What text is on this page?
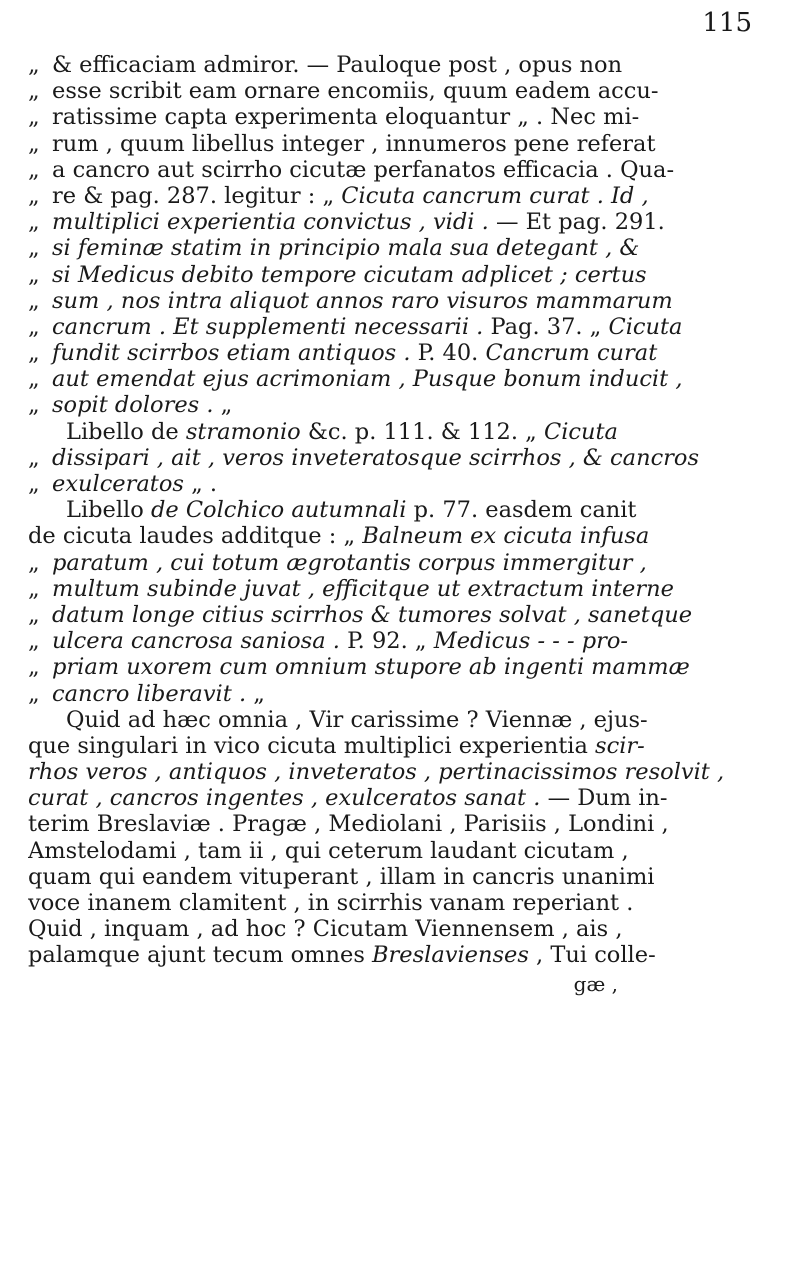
115
„ & efficaciam admiror. — Pauloque post , opus non
„ esse scribit eam ornare encomiis, quum eadem accu-
„ ratissime capta experimenta eloquantur „ . Nec mi-
„ rum , quum libellus integer , innumeros pene referat
„ a cancro aut scirrho cicutæ perfanatos efficacia . Qua-
„ re & pag. 287. legitur : „ Cicuta cancrum curat . Id ,
„ multiplici experientia convictus , vidi . — Et pag. 291.
„ si feminæ statim in principio mala sua detegant , &
„ si Medicus debito tempore cicutam adplicet ; certus
„ sum , nos intra aliquot annos raro visuros mammarum
„ cancrum . Et supplementi necessarii . Pag. 37. „ Cicuta
„ fundit scirrbos etiam antiquos . P. 40. Cancrum curat
„ aut emendat ejus acrimoniam , Pusque bonum inducit ,
„ sopit dolores . „
Libello de stramonio &c. p. 111. & 112. „ Cicuta
„ dissipari , ait , veros inveteratosque scirrhos , & cancros
„ exulceratos „ .
Libello de Colchico autumnali p. 77. easdem canit
de cicuta laudes additque : „ Balneum ex cicuta infusa
„ paratum , cui totum ægrotantis corpus immergitur ,
„ multum subinde juvat , efficitque ut extractum interne
„ datum longe citius scirrhos & tumores solvat , sanetque
„ ulcera cancrosa saniosa . P. 92. „ Medicus - - - pro-
„ priam uxorem cum omnium stupore ab ingenti mammæ
„ cancro liberavit . „
Quid ad hæc omnia , Vir carissime ? Viennæ , ejus-
que singulari in vico cicuta multiplici experientia scir-
rhos veros , antiquos , inveteratos , pertinacissimos resolvit ,
curat , cancros ingentes , exulceratos sanat . — Dum in-
terim Breslaviæ . Pragæ , Mediolani , Parisiis , Londini ,
Amstelodami , tam ii , qui ceterum laudant cicutam ,
quam qui eandem vituperant , illam in cancris unanimi
voce inanem clamitent , in scirrhis vanam reperiant .
Quid , inquam , ad hoc ? Cicutam Viennensem , ais ,
palamque ajunt tecum omnes Breslavienses , Tui colle-
gæ ,
